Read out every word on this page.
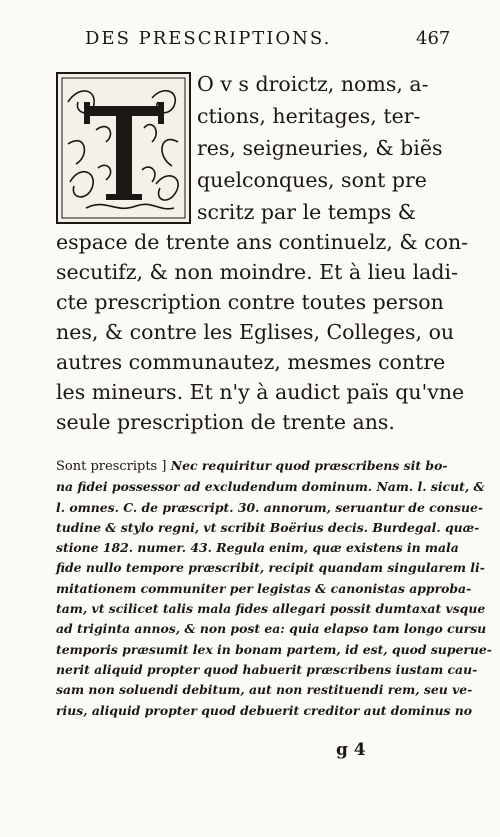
DES PRESCRIPTIONS.	467
O v s droictz, noms, a-
ctions, heritages, ter-
res, seigneuries, & biẽs
quelconques, sont pre
scritz par le temps &
espace de trente ans continuelz, & con-
secutifz, & non moindre. Et à lieu ladi-
cte prescription contre toutes person
nes, & contre les Eglises, Colleges, ou
autres communautez, mesmes contre
les mineurs. Et n'y à audict païs qu'vne
seule prescription de trente ans.
Sont prescripts ] Nec requiritur quod præscribens sit bo-
na fidei possessor ad excludendum dominum. Nam. l. sicut, &
l. omnes. C. de præscript. 30. annorum, seruantur de consue-
tudine & stylo regni, vt scribit Boërius decis. Burdegal. quæ-
stione 182. numer. 43. Regula enim, quæ existens in mala
fide nullo tempore præscribit, recipit quandam singularem li-
mitationem communiter per legistas & canonistas approba-
tam, vt scilicet talis mala fides allegari possit dumtaxat vsque
ad triginta annos, & non post ea: quia elapso tam longo cursu
temporis præsumit lex in bonam partem, id est, quod superue-
nerit aliquid propter quod habuerit præscribens iustam cau-
sam non soluendi debitum, aut non restituendi rem, seu ve-
rius, aliquid propter quod debuerit creditor aut dominus no
g 4
